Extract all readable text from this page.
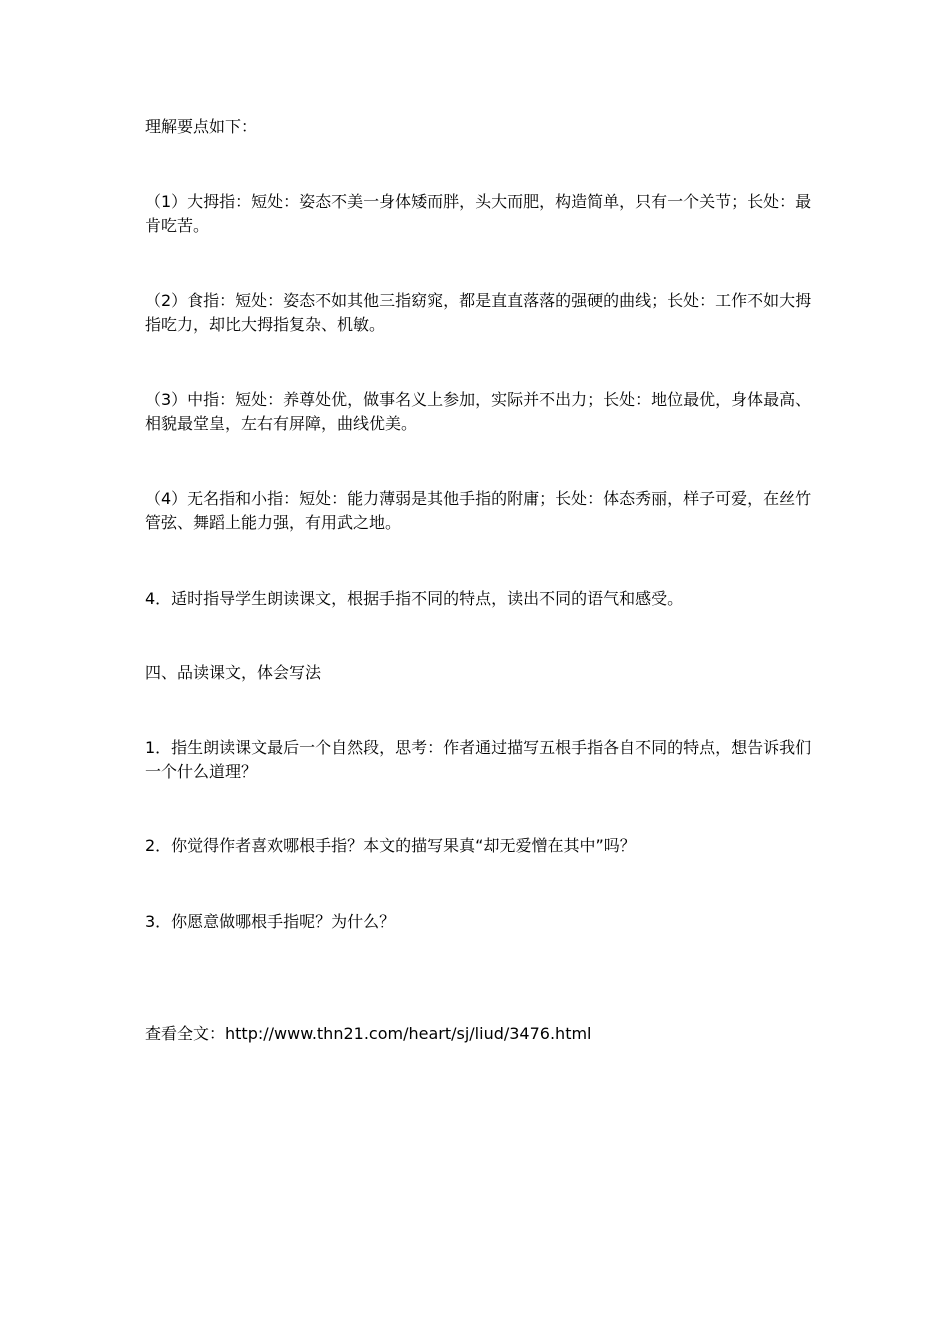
理解要点如下：

（1）大拇指：短处：姿态不美一身体矮而胖，头大而肥，构造简单，只有一个关节；长处：最肯吃苦。

（2）食指：短处：姿态不如其他三指窈窕，都是直直落落的强硬的曲线；长处：工作不如大拇指吃力，却比大拇指复杂、机敏。

（3）中指：短处：养尊处优，做事名义上参加，实际并不出力；长处：地位最优，身体最高、相貌最堂皇，左右有屏障，曲线优美。

（4）无名指和小指：短处：能力薄弱是其他手指的附庸；长处：体态秀丽，样子可爱，在丝竹管弦、舞蹈上能力强，有用武之地。

4．适时指导学生朗读课文，根据手指不同的特点，读出不同的语气和感受。

四、品读课文，体会写法

1．指生朗读课文最后一个自然段，思考：作者通过描写五根手指各自不同的特点，想告诉我们一个什么道理？

2．你觉得作者喜欢哪根手指？本文的描写果真“却无爱憎在其中”吗？

3．你愿意做哪根手指呢？为什么？

查看全文：http://www.thn21.com/heart/sj/liud/3476.html
